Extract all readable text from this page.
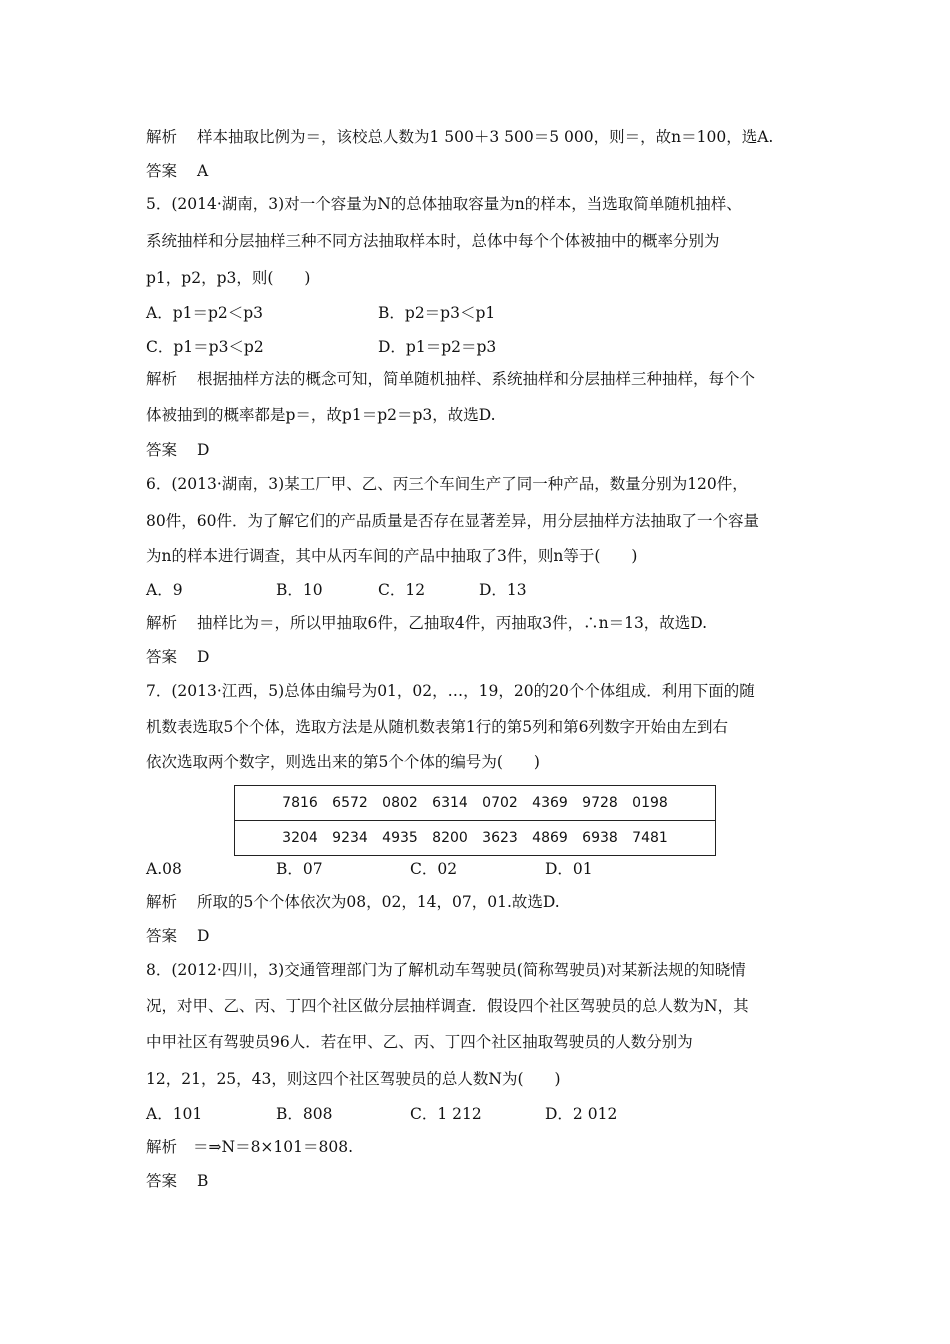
解析 样本抽取比例为＝，该校总人数为1 500＋3 500＝5 000，则＝，故n＝100，选A.
答案 A
5．(2014·湖南，3)对一个容量为N的总体抽取容量为n的样本，当选取简单随机抽样、
系统抽样和分层抽样三种不同方法抽取样本时，总体中每个个体被抽中的概率分别为
p1，p2，p3，则(　　)
A．p1＝p2＜p3	B．p2＝p3＜p1
C．p1＝p3＜p2	D．p1＝p2＝p3
解析 根据抽样方法的概念可知，简单随机抽样、系统抽样和分层抽样三种抽样，每个个
体被抽到的概率都是p＝，故p1＝p2＝p3，故选D.
答案 D
6．(2013·湖南，3)某工厂甲、乙、丙三个车间生产了同一种产品，数量分别为120件，
80件，60件．为了解它们的产品质量是否存在显著差异，用分层抽样方法抽取了一个容量
为n的样本进行调查，其中从丙车间的产品中抽取了3件，则n等于(　　)
A．9	B．10	C．12	D．13
解析 抽样比为＝，所以甲抽取6件，乙抽取4件，丙抽取3件，∴n＝13，故选D.
答案 D
7．(2013·江西，5)总体由编号为01，02，…，19，20的20个个体组成．利用下面的随
机数表选取5个个体，选取方法是从随机数表第1行的第5列和第6列数字开始由左到右
依次选取两个数字，则选出来的第5个个体的编号为(　　)
7816 6572 0802 6314 0702 4369 9728 0198
3204 9234 4935 8200 3623 4869 6938 7481
A.08	B．07	C．02	D．01
解析 所取的5个个体依次为08，02，14，07，01.故选D.
答案 D
8．(2012·四川，3)交通管理部门为了解机动车驾驶员(简称驾驶员)对某新法规的知晓情
况，对甲、乙、丙、丁四个社区做分层抽样调查．假设四个社区驾驶员的总人数为N，其
中甲社区有驾驶员96人．若在甲、乙、丙、丁四个社区抽取驾驶员的人数分别为
12，21，25，43，则这四个社区驾驶员的总人数N为(　　)
A．101	B．808	C．1 212	D．2 012
解析 ＝⇒N＝8×101＝808.
答案 B
